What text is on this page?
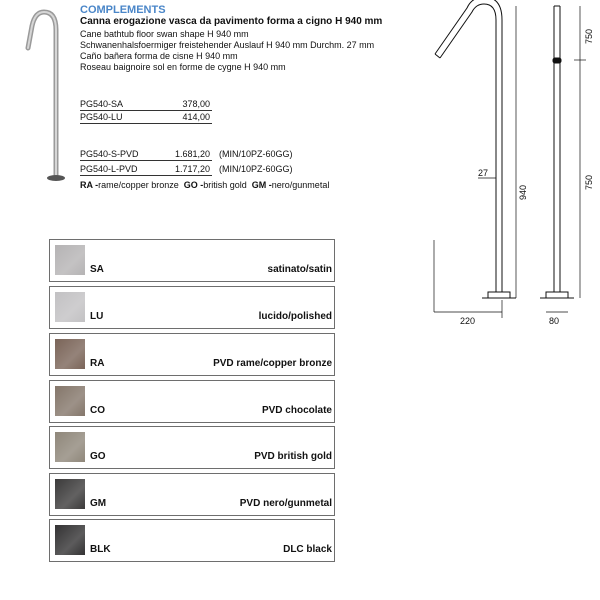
COMPLEMENTS
Canna erogazione vasca da pavimento forma a cigno H 940 mm
Cane bathtub floor swan shape H 940 mm
Schwanenhalsfoermiger freistehender Auslauf H 940 mm Durchm. 27 mm
Caño bañera forma de cisne H 940 mm
Roseau baignoire sol en forme de cygne H 940 mm
PG540-SA	378,00
PG540-LU	414,00
PG540-S-PVD	1.681,20 (MIN/10PZ-60GG)
PG540-L-PVD	1.717,20 (MIN/10PZ-60GG)
RA -rame/copper bronze GO -british gold GM -nero/gunmetal
SA	satinato/satin
LU	lucido/polished
RA	PVD rame/copper bronze
CO	PVD chocolate
GO	PVD british gold
GM	PVD nero/gunmetal
BLK	DLC black
220
27
940
750
750
80
